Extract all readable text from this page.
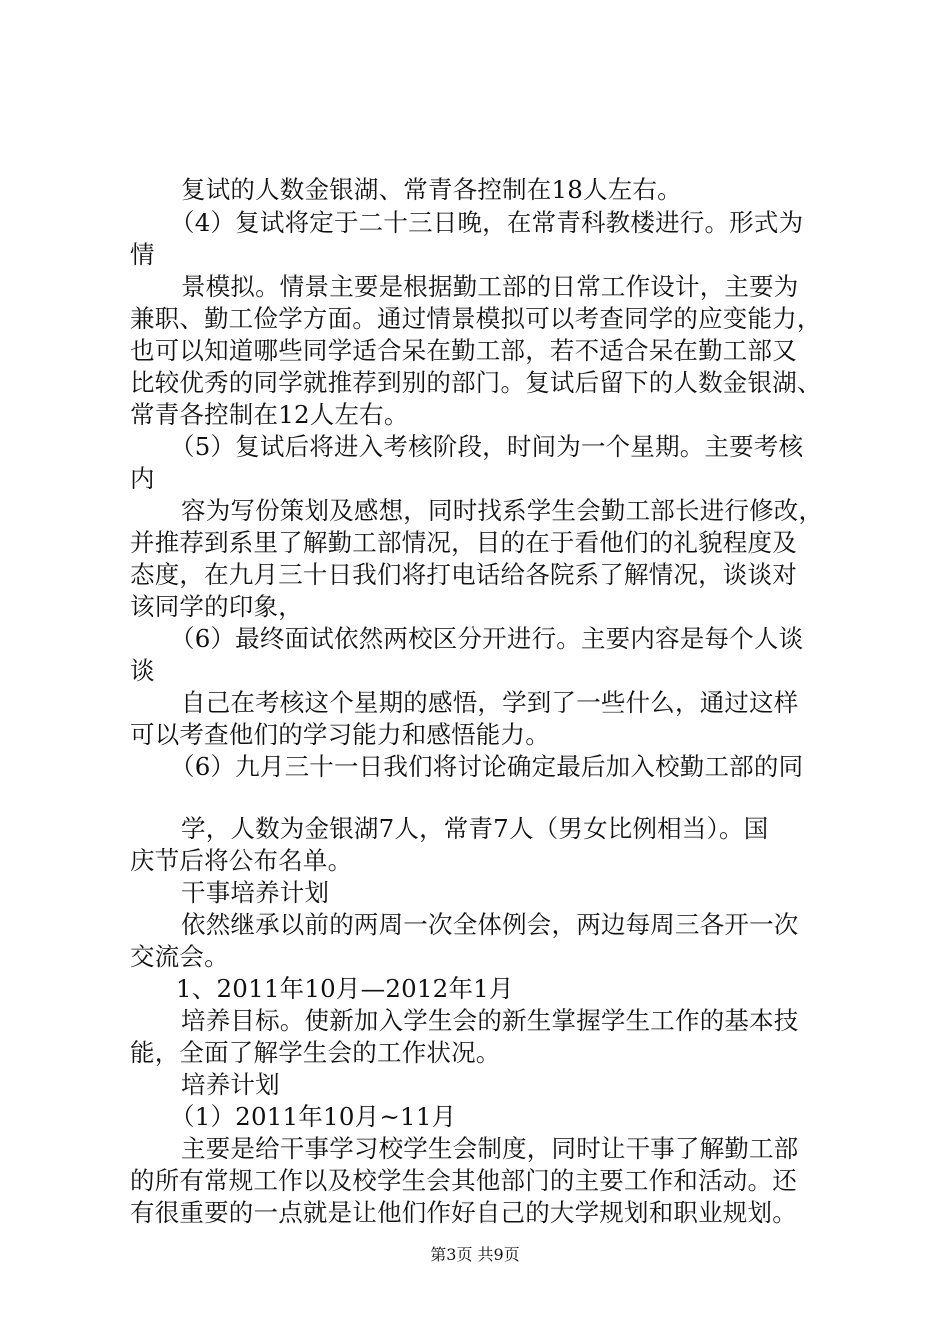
复试的人数金银湖、常青各控制在18人左右。
（4）复试将定于二十三日晚，在常青科教楼进行。形式为
情
景模拟。情景主要是根据勤工部的日常工作设计，主要为
兼职、勤工俭学方面。通过情景模拟可以考查同学的应变能力，
也可以知道哪些同学适合呆在勤工部，若不适合呆在勤工部又
比较优秀的同学就推荐到别的部门。复试后留下的人数金银湖、
常青各控制在12人左右。
（5）复试后将进入考核阶段，时间为一个星期。主要考核
内
容为写份策划及感想，同时找系学生会勤工部长进行修改，
并推荐到系里了解勤工部情况，目的在于看他们的礼貌程度及
态度，在九月三十日我们将打电话给各院系了解情况，谈谈对
该同学的印象，
（6）最终面试依然两校区分开进行。主要内容是每个人谈
谈
自己在考核这个星期的感悟，学到了一些什么，通过这样
可以考查他们的学习能力和感悟能力。
（6）九月三十一日我们将讨论确定最后加入校勤工部的同
学，人数为金银湖7人，常青7人（男女比例相当）。国
庆节后将公布名单。
干事培养计划
依然继承以前的两周一次全体例会，两边每周三各开一次
交流会。
1、2011年10月—2012年1月
培养目标。使新加入学生会的新生掌握学生工作的基本技
能，全面了解学生会的工作状况。
培养计划
（1）2011年10月~11月
主要是给干事学习校学生会制度，同时让干事了解勤工部
的所有常规工作以及校学生会其他部门的主要工作和活动。还
有很重要的一点就是让他们作好自己的大学规划和职业规划。
第3页 共9页
